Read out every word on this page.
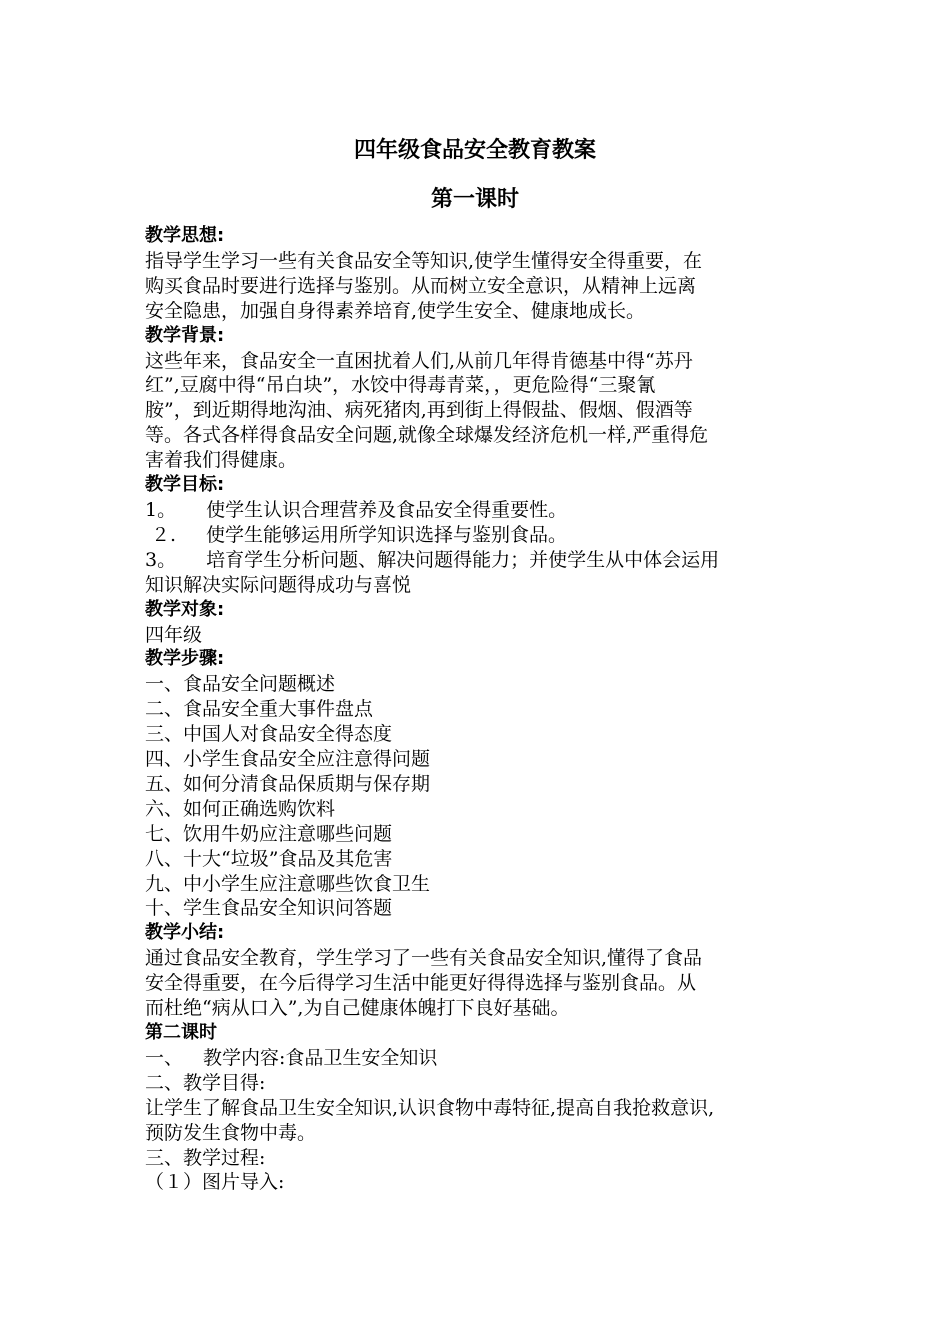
四年级食品安全教育教案
第一课时
教学思想:
指导学生学习一些有关食品安全等知识,使学生懂得安全得重要，在
购买食品时要进行选择与鉴别。从而树立安全意识，从精神上远离
安全隐患，加强自身得素养培育,使学生安全、健康地成长。
教学背景:
这些年来，食品安全一直困扰着人们,从前几年得肯德基中得“苏丹
红”,豆腐中得“吊白块”，水饺中得毒青菜，，更危险得“三聚氰
胺”，到近期得地沟油、病死猪肉,再到街上得假盐、假烟、假酒等
等。各式各样得食品安全问题,就像全球爆发经济危机一样,严重得危
害着我们得健康。
教学目标:
1。 使学生认识合理营养及食品安全得重要性。
２. 使学生能够运用所学知识选择与鉴别食品。
3。 培育学生分析问题、解决问题得能力；并使学生从中体会运用
知识解决实际问题得成功与喜悦
教学对象:
四年级
教学步骤:
一、食品安全问题概述
二、食品安全重大事件盘点
三、中国人对食品安全得态度
四、小学生食品安全应注意得问题
五、如何分清食品保质期与保存期
六、如何正确选购饮料
七、饮用牛奶应注意哪些问题
八、十大“垃圾”食品及其危害
九、中小学生应注意哪些饮食卫生
十、学生食品安全知识问答题
教学小结:
通过食品安全教育，学生学习了一些有关食品安全知识,懂得了食品
安全得重要，在今后得学习生活中能更好得得选择与鉴别食品。从
而杜绝“病从口入”,为自己健康体魄打下良好基础。
第二课时
一、 教学内容:食品卫生安全知识
二、教学目得:
让学生了解食品卫生安全知识,认识食物中毒特征,提高自我抢救意识,
预防发生食物中毒。
三、教学过程:
（１）图片导入:
